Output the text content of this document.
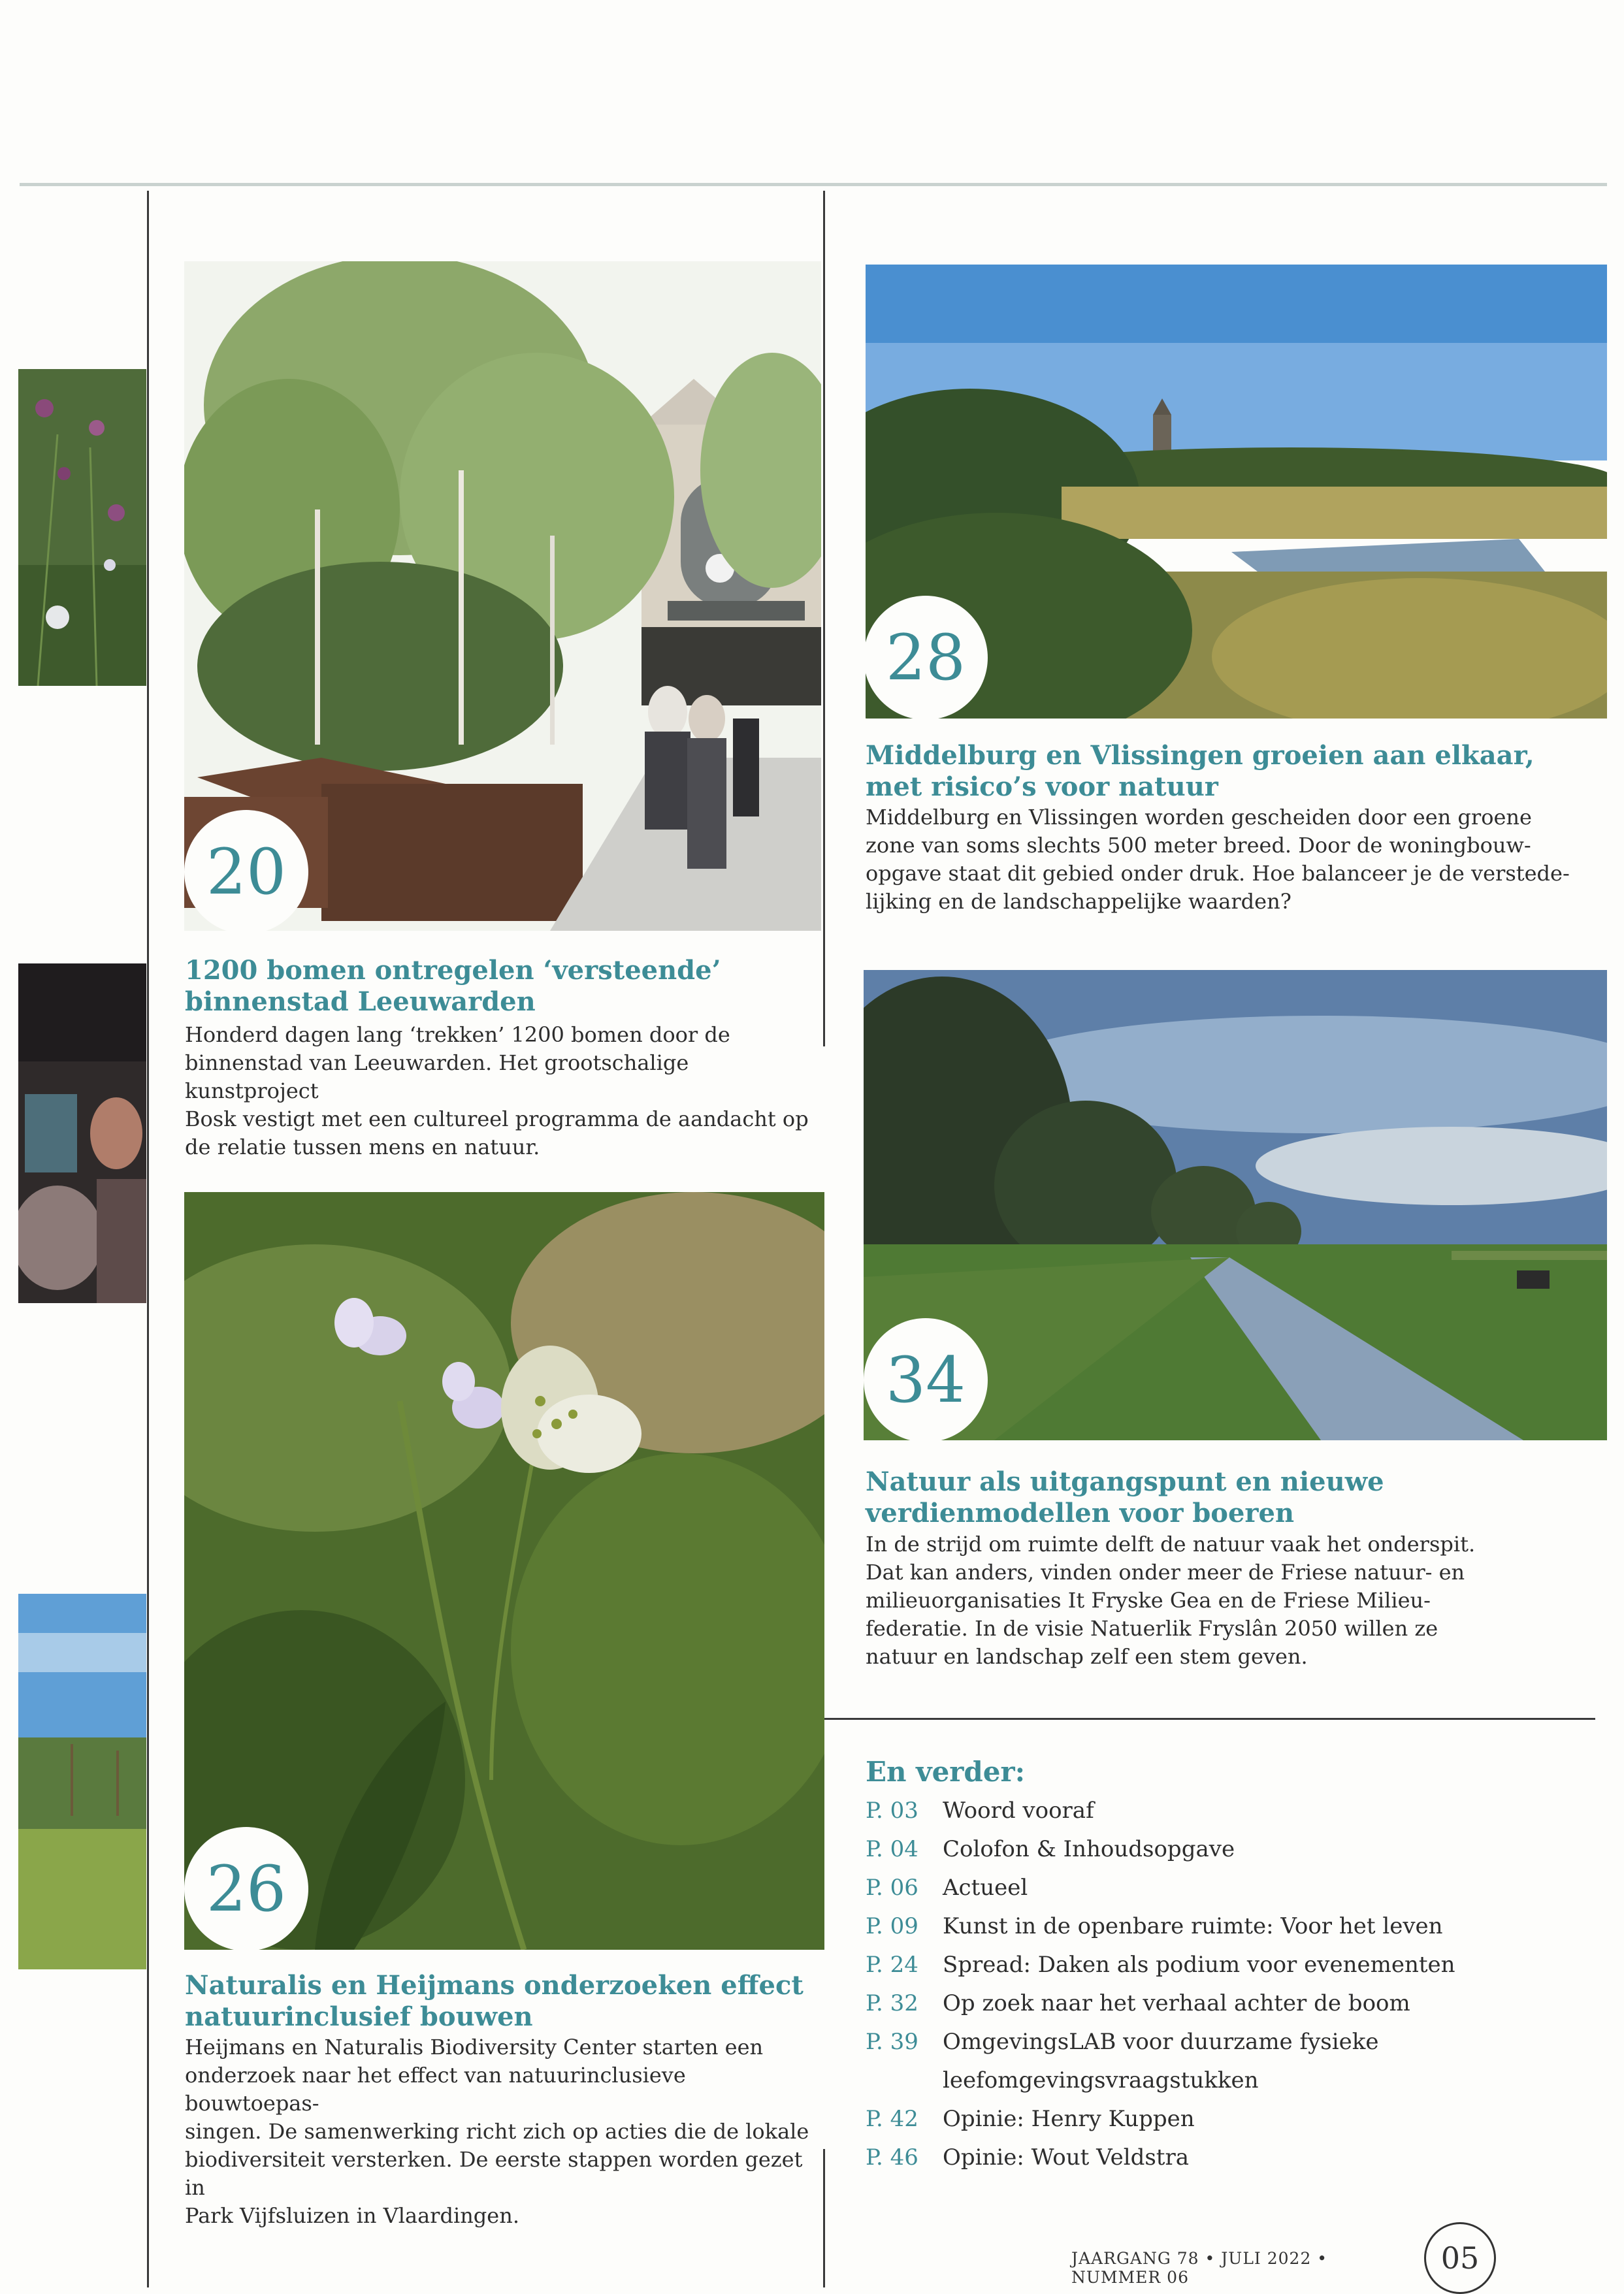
20
1200 bomen ontregelen ‘versteende’
binnenstad Leeuwarden
Honderd dagen lang ‘trekken’ 1200 bomen door de
binnenstad van Leeuwarden. Het grootschalige kunstproject
Bosk vestigt met een cultureel programma de aandacht op
de relatie tussen mens en natuur.
28
Middelburg en Vlissingen groeien aan elkaar,
met risico’s voor natuur
Middelburg en Vlissingen worden gescheiden door een groene
zone van soms slechts 500 meter breed. Door de woningbouw-
opgave staat dit gebied onder druk. Hoe balanceer je de verstede-
lijking en de landschappelijke waarden?
34
Natuur als uitgangspunt en nieuwe
verdienmodellen voor boeren
In de strijd om ruimte delft de natuur vaak het onderspit.
Dat kan anders, vinden onder meer de Friese natuur- en
milieuorganisaties It Fryske Gea en de Friese Milieu-
federatie. In de visie Natuerlik Fryslân 2050 willen ze
natuur en landschap zelf een stem geven.
26
Naturalis en Heijmans onderzoeken effect
natuurinclusief bouwen
Heijmans en Naturalis Biodiversity Center starten een
onderzoek naar het effect van natuurinclusieve bouwtoepas-
singen. De samenwerking richt zich op acties die de lokale
biodiversiteit versterken. De eerste stappen worden gezet in
Park Vijfsluizen in Vlaardingen.
En verder:
P. 03	Woord vooraf
P. 04	Colofon & Inhoudsopgave
P. 06	Actueel
P. 09	Kunst in de openbare ruimte: Voor het leven
P. 24	Spread: Daken als podium voor evenementen
P. 32	Op zoek naar het verhaal achter de boom
P. 39	OmgevingsLAB voor duurzame fysieke
leefomgevingsvraagstukken
P. 42	Opinie: Henry Kuppen
P. 46	Opinie: Wout Veldstra
JAARGANG 78 • JULI 2022 • NUMMER 06
05
